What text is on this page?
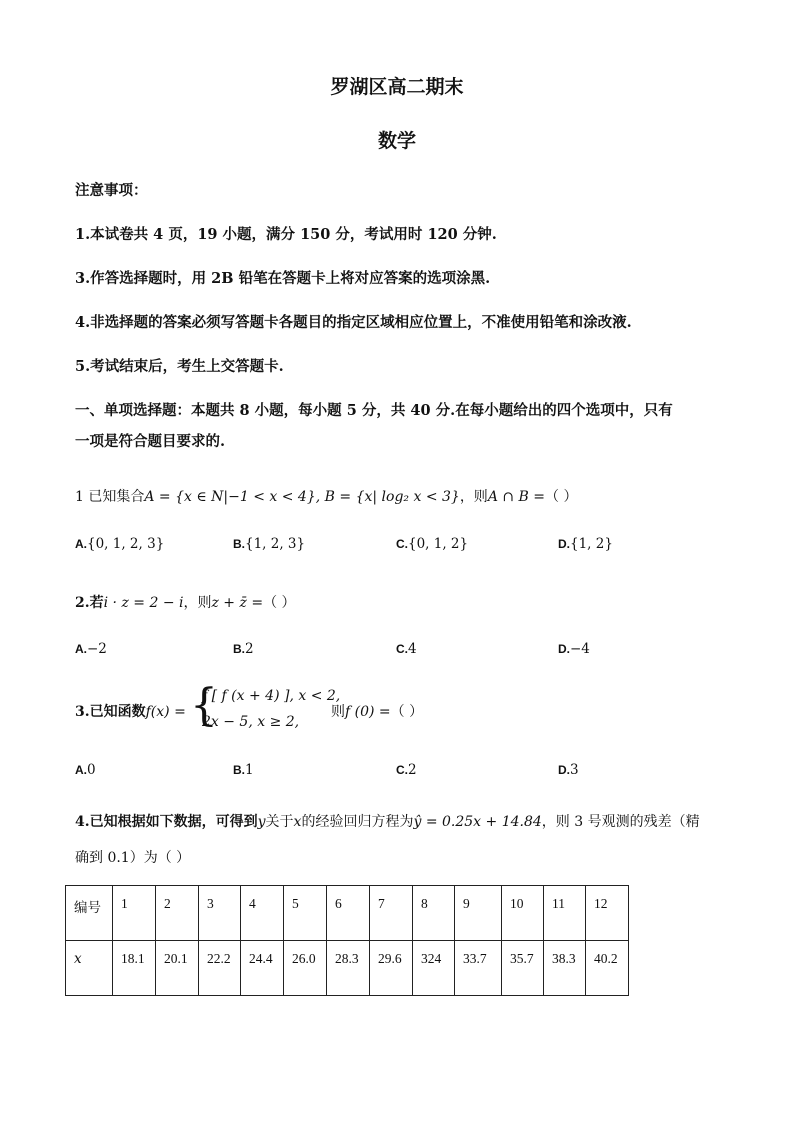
罗湖区高二期末
数学
注意事项：
1.本试卷共 4 页，19 小题，满分 150 分，考试用时 120 分钟.
3.作答选择题时，用 2B 铅笔在答题卡上将对应答案的选项涂黑.
4.非选择题的答案必须写答题卡各题目的指定区域相应位置上，不准使用铅笔和涂改液.
5.考试结束后，考生上交答题卡.
一、单项选择题：本题共 8 小题，每小题 5 分，共 40 分.在每小题给出的四个选项中，只有
一项是符合题目要求的.
1 已知集合A = {x ∈ N|−1 < x < 4}, B = {x| log₂ x < 3}，则A ∩ B =（ ）
A.{0, 1, 2, 3}	B.{1, 2, 3}	C.{0, 1, 2}	D.{1, 2}
2.若i · z = 2 − i，则z + z̄ =（ ）
A.−2	B.2	C.4	D.−4
3.已知函数f(x) = {
f [ f (x + 4) ], x < 2,
2x − 5, x ≥ 2,
则f (0) =（ ）
A.0	B.1	C.2	D.3
4.已知根据如下数据，可得到y关于x的经验回归方程为ŷ = 0.25x + 14.84，则 3 号观测的残差（精
确到 0.1）为（ ）
编号	1	2	3	4	5	6	7	8	9	10	11	12
x	18.1	20.1	22.2	24.4	26.0	28.3	29.6	324	33.7	35.7	38.3	40.2
